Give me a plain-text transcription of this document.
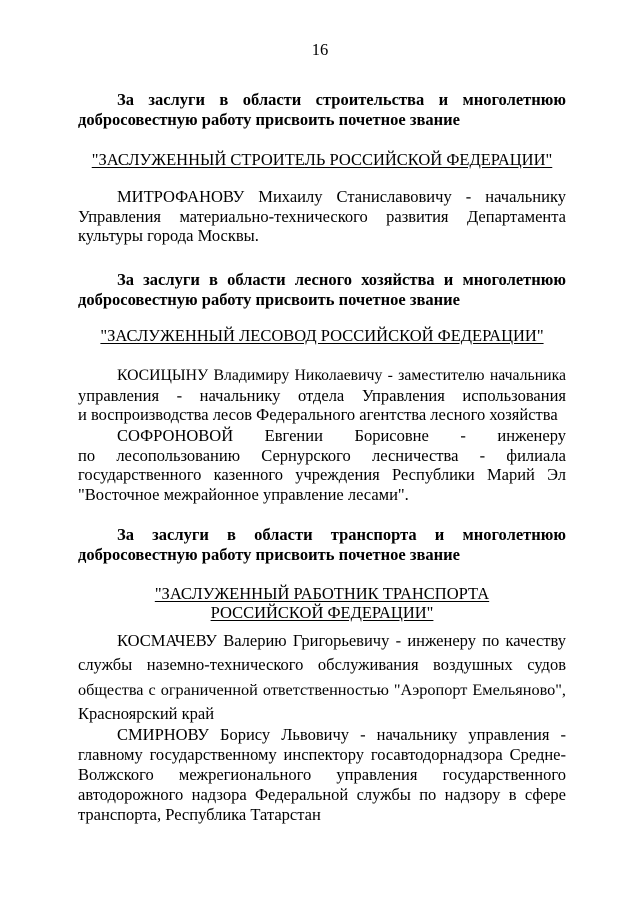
16
За заслуги в области строительства и многолетнюю
добросовестную работу присвоить почетное звание
"ЗАСЛУЖЕННЫЙ СТРОИТЕЛЬ РОССИЙСКОЙ ФЕДЕРАЦИИ"
МИТРОФАНОВУ Михаилу Станиславовичу - начальнику
Управления материально-технического развития Департамента
культуры города Москвы.
За заслуги в области лесного хозяйства и многолетнюю
добросовестную работу присвоить почетное звание
"ЗАСЛУЖЕННЫЙ ЛЕСОВОД РОССИЙСКОЙ ФЕДЕРАЦИИ"
КОСИЦЫНУ Владимиру Николаевичу - заместителю начальника
управления - начальнику отдела Управления использования
и воспроизводства лесов Федерального агентства лесного хозяйства
СОФРОНОВОЙ Евгении Борисовне - инженеру
по лесопользованию Сернурского лесничества - филиала
государственного казенного учреждения Республики Марий Эл
"Восточное межрайонное управление лесами".
За заслуги в области транспорта и многолетнюю
добросовестную работу присвоить почетное звание
"ЗАСЛУЖЕННЫЙ РАБОТНИК ТРАНСПОРТА
РОССИЙСКОЙ ФЕДЕРАЦИИ"
КОСМАЧЕВУ Валерию Григорьевичу - инженеру по качеству
службы наземно-технического обслуживания воздушных судов
общества с ограниченной ответственностью "Аэропорт Емельяново",
Красноярский край
СМИРНОВУ Борису Львовичу - начальнику управления -
главному государственному инспектору госавтодорнадзора Средне-
Волжского межрегионального управления государственного
автодорожного надзора Федеральной службы по надзору в сфере
транспорта, Республика Татарстан
